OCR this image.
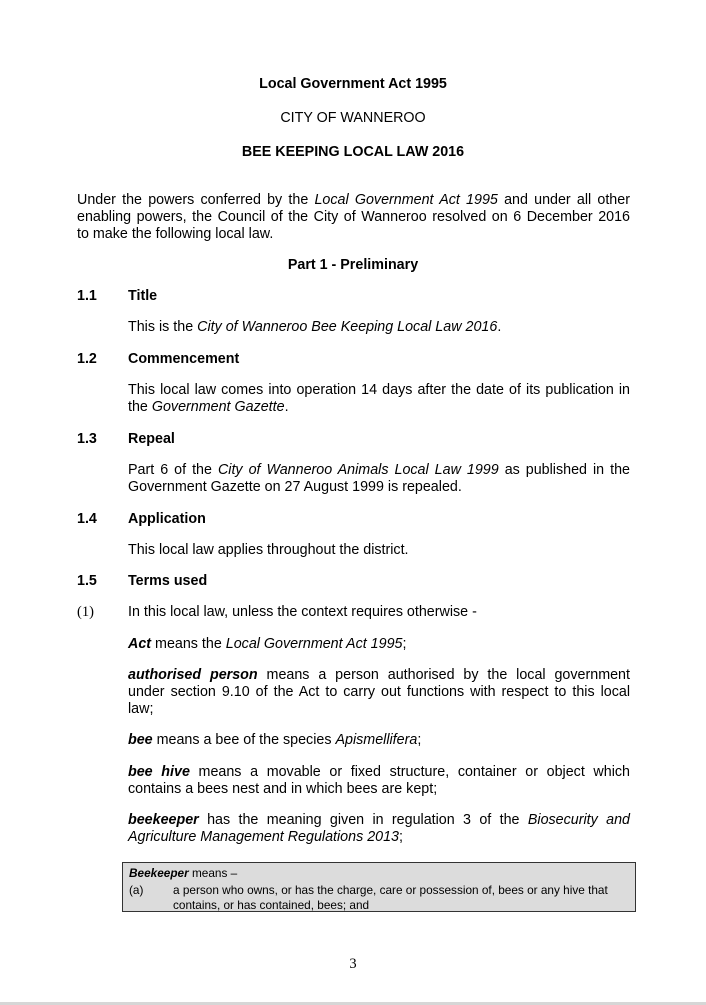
Local Government Act 1995
CITY OF WANNEROO
BEE KEEPING LOCAL LAW 2016
Under the powers conferred by the Local Government Act 1995 and under all other
enabling powers, the Council of the City of Wanneroo resolved on 6 December 2016
to make the following local law.
Part 1 - Preliminary
1.1 Title
This is the City of Wanneroo Bee Keeping Local Law 2016.
1.2 Commencement
This local law comes into operation 14 days after the date of its publication in
the Government Gazette.
1.3 Repeal
Part 6 of the City of Wanneroo Animals Local Law 1999 as published in the
Government Gazette on 27 August 1999 is repealed.
1.4 Application
This local law applies throughout the district.
1.5 Terms used
(1) In this local law, unless the context requires otherwise -
Act means the Local Government Act 1995;
authorised person means a person authorised by the local government
under section 9.10 of the Act to carry out functions with respect to this local
law;
bee means a bee of the species Apismellifera;
bee hive means a movable or fixed structure, container or object which
contains a bees nest and in which bees are kept;
beekeeper has the meaning given in regulation 3 of the Biosecurity and
Agriculture Management Regulations 2013;
Beekeeper means –
(a)	a person who owns, or has the charge, care or possession of, bees or any hive that
contains, or has contained, bees; and
3
